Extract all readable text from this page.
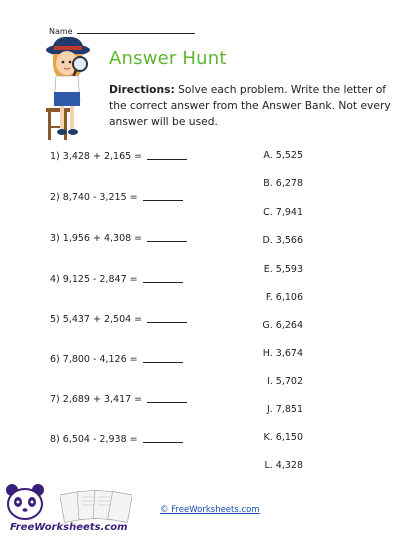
Name
Answer Hunt
Directions: Solve each problem. Write the letter of the correct answer from the Answer Bank. Not every answer will be used.
1) 3,428 + 2,165 =
2) 8,740 - 3,215 =
3) 1,956 + 4,308 =
4) 9,125 - 2,847 =
5) 5,437 + 2,504 =
6) 7,800 - 4,126 =
7) 2,689 + 3,417 =
8) 6,504 - 2,938 =
A. 5,525
B. 6,278
C. 7,941
D. 3,566
E. 5,593
F. 6,106
G. 6,264
H. 3,674
I. 5,702
J. 7,851
K. 6,150
L. 4,328
FreeWorksheets.com
© FreeWorksheets.com
